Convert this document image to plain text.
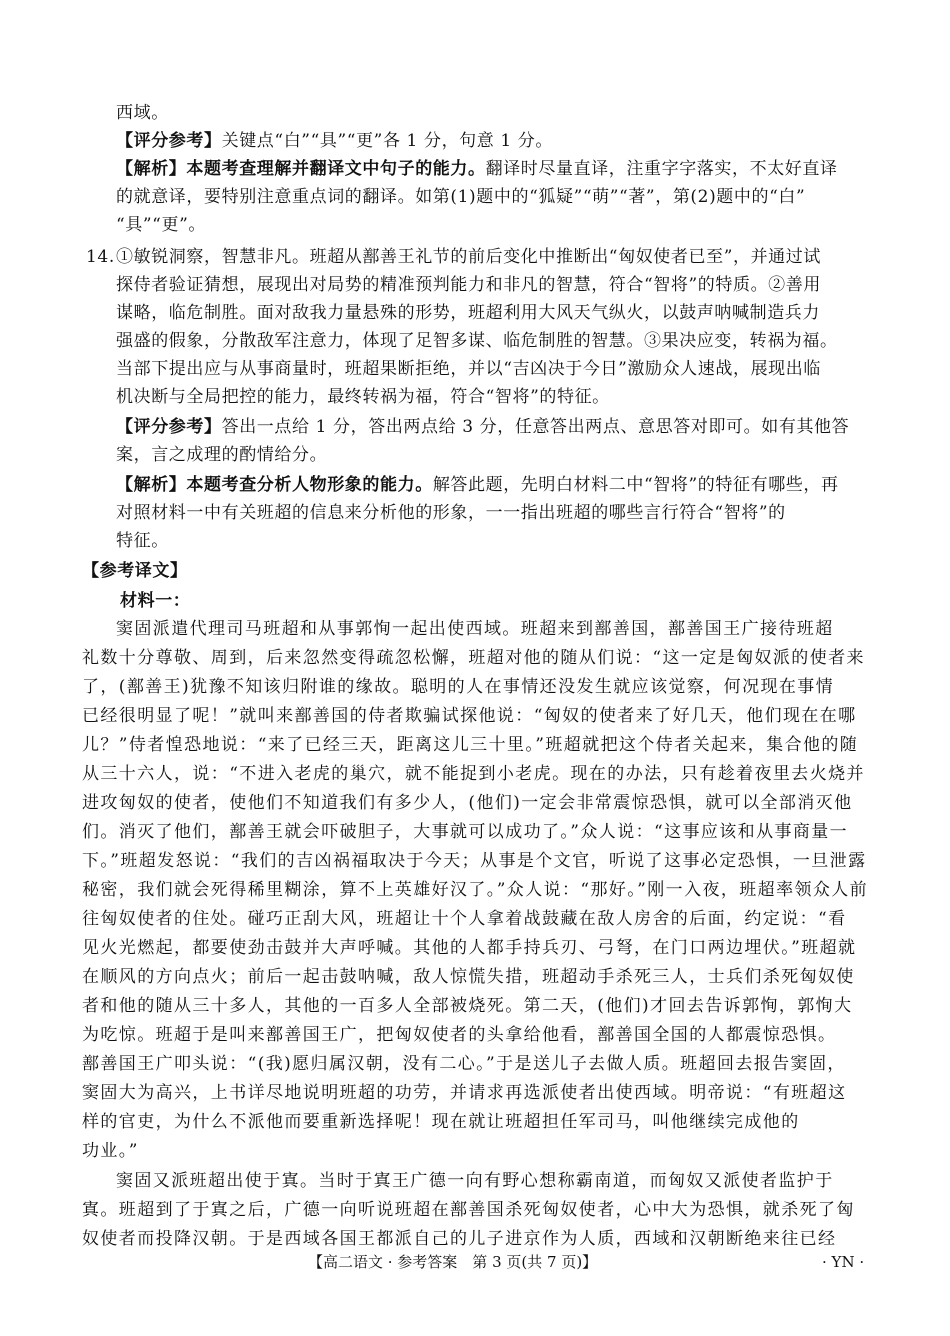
西域。
【评分参考】关键点“白”“具”“更”各 1 分，句意 1 分。
【解析】本题考查理解并翻译文中句子的能力。翻译时尽量直译，注重字字落实，不太好直译
的就意译，要特别注意重点词的翻译。如第(1)题中的“狐疑”“萌”“著”，第(2)题中的“白”
“具”“更”。
14. ①敏锐洞察，智慧非凡。班超从鄯善王礼节的前后变化中推断出“匈奴使者已至”，并通过试
探侍者验证猜想，展现出对局势的精准预判能力和非凡的智慧，符合“智将”的特质。②善用
谋略，临危制胜。面对敌我力量悬殊的形势，班超利用大风天气纵火，以鼓声呐喊制造兵力
强盛的假象，分散敌军注意力，体现了足智多谋、临危制胜的智慧。③果决应变，转祸为福。
当部下提出应与从事商量时，班超果断拒绝，并以“吉凶决于今日”激励众人速战，展现出临
机决断与全局把控的能力，最终转祸为福，符合“智将”的特征。
【评分参考】答出一点给 1 分，答出两点给 3 分，任意答出两点、意思答对即可。如有其他答
案，言之成理的酌情给分。
【解析】本题考查分析人物形象的能力。解答此题，先明白材料二中“智将”的特征有哪些，再
对照材料一中有关班超的信息来分析他的形象，一一指出班超的哪些言行符合“智将”的
特征。
【参考译文】
材料一：
窦固派遣代理司马班超和从事郭恂一起出使西域。班超来到鄯善国，鄯善国王广接待班超
礼数十分尊敬、周到，后来忽然变得疏忽松懈，班超对他的随从们说：“这一定是匈奴派的使者来
了，(鄯善王)犹豫不知该归附谁的缘故。聪明的人在事情还没发生就应该觉察，何况现在事情
已经很明显了呢！”就叫来鄯善国的侍者欺骗试探他说：“匈奴的使者来了好几天，他们现在在哪
儿？”侍者惶恐地说：“来了已经三天，距离这儿三十里。”班超就把这个侍者关起来，集合他的随
从三十六人，说：“不进入老虎的巢穴，就不能捉到小老虎。现在的办法，只有趁着夜里去火烧并
进攻匈奴的使者，使他们不知道我们有多少人，(他们)一定会非常震惊恐惧，就可以全部消灭他
们。消灭了他们，鄯善王就会吓破胆子，大事就可以成功了。”众人说：“这事应该和从事商量一
下。”班超发怒说：“我们的吉凶祸福取决于今天；从事是个文官，听说了这事必定恐惧，一旦泄露
秘密，我们就会死得稀里糊涂，算不上英雄好汉了。”众人说：“那好。”刚一入夜，班超率领众人前
往匈奴使者的住处。碰巧正刮大风，班超让十个人拿着战鼓藏在敌人房舍的后面，约定说：“看
见火光燃起，都要使劲击鼓并大声呼喊。其他的人都手持兵刃、弓弩，在门口两边埋伏。”班超就
在顺风的方向点火；前后一起击鼓呐喊，敌人惊慌失措，班超动手杀死三人，士兵们杀死匈奴使
者和他的随从三十多人，其他的一百多人全部被烧死。第二天，(他们)才回去告诉郭恂，郭恂大
为吃惊。班超于是叫来鄯善国王广，把匈奴使者的头拿给他看，鄯善国全国的人都震惊恐惧。
鄯善国王广叩头说：“(我)愿归属汉朝，没有二心。”于是送儿子去做人质。班超回去报告窦固，
窦固大为高兴，上书详尽地说明班超的功劳，并请求再选派使者出使西域。明帝说：“有班超这
样的官吏，为什么不派他而要重新选择呢！现在就让班超担任军司马，叫他继续完成他的
功业。”
窦固又派班超出使于寘。当时于寘王广德一向有野心想称霸南道，而匈奴又派使者监护于
寘。班超到了于寘之后，广德一向听说班超在鄯善国杀死匈奴使者，心中大为恐惧，就杀死了匈
奴使者而投降汉朝。于是西域各国王都派自己的儿子进京作为人质，西域和汉朝断绝来往已经
【高二语文 · 参考答案　第 3 页(共 7 页)】	· YN ·
